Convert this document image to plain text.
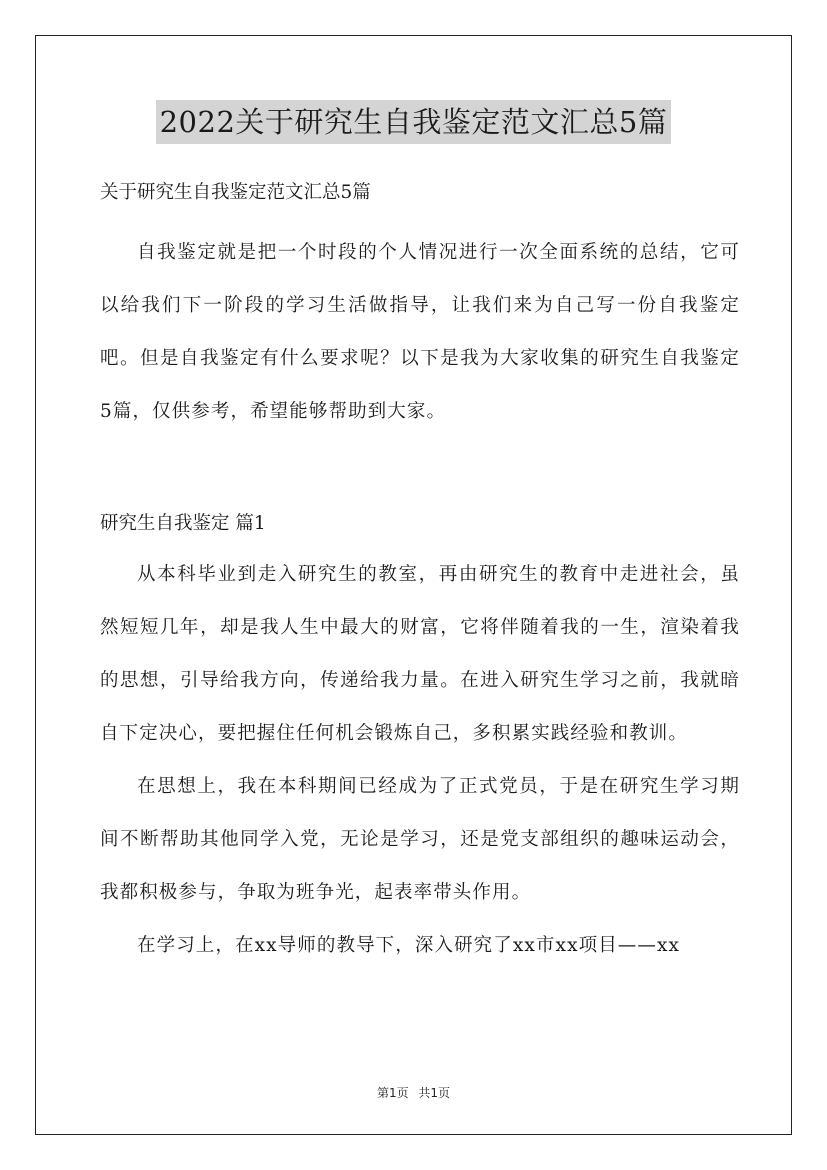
2022关于研究生自我鉴定范文汇总5篇

关于研究生自我鉴定范文汇总5篇

自我鉴定就是把一个时段的个人情况进行一次全面系统的总结，它可以给我们下一阶段的学习生活做指导，让我们来为自己写一份自我鉴定吧。但是自我鉴定有什么要求呢？以下是我为大家收集的研究生自我鉴定5篇，仅供参考，希望能够帮助到大家。

研究生自我鉴定 篇1

从本科毕业到走入研究生的教室，再由研究生的教育中走进社会，虽然短短几年，却是我人生中最大的财富，它将伴随着我的一生，渲染着我的思想，引导给我方向，传递给我力量。在进入研究生学习之前，我就暗自下定决心，要把握住任何机会锻炼自己，多积累实践经验和教训。

在思想上，我在本科期间已经成为了正式党员，于是在研究生学习期间不断帮助其他同学入党，无论是学习，还是党支部组织的趣味运动会，我都积极参与，争取为班争光，起表率带头作用。

在学习上，在xx导师的教导下，深入研究了xx市xx项目——xx

第1页 共1页
